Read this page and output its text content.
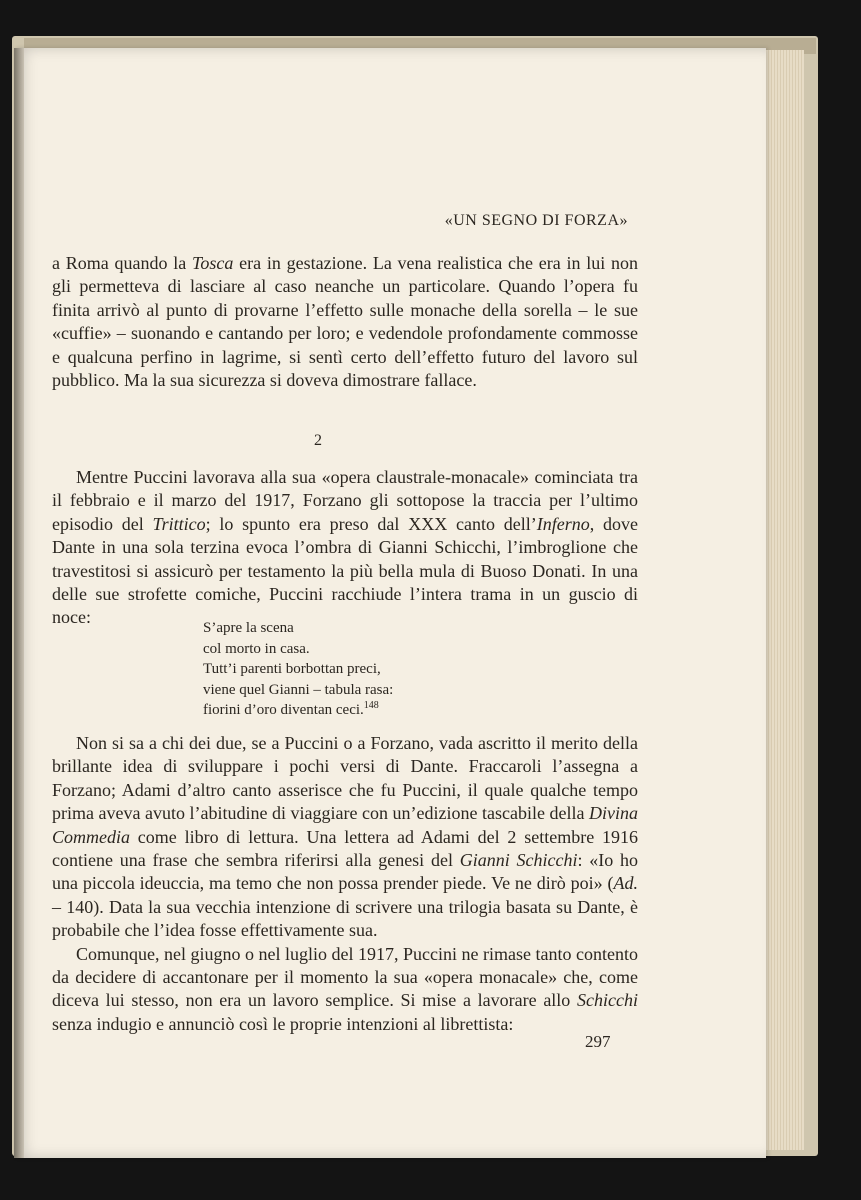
«UN SEGNO DI FORZA»

a Roma quando la Tosca era in gestazione. La vena realistica che era in lui non gli permetteva di lasciare al caso neanche un particolare. Quando l’opera fu finita arrivò al punto di provarne l’effetto sulle monache della sorella – le sue «cuffie» – suonando e cantando per loro; e vedendole profondamente commosse e qualcuna perfino in lagrime, si sentì certo dell’effetto futuro del lavoro sul pubblico. Ma la sua sicurezza si doveva dimostrare fallace.

2

Mentre Puccini lavorava alla sua «opera claustrale-monacale» cominciata tra il febbraio e il marzo del 1917, Forzano gli sottopose la traccia per l’ultimo episodio del Trittico; lo spunto era preso dal XXX canto dell’Inferno, dove Dante in una sola terzina evoca l’ombra di Gianni Schicchi, l’imbroglione che travestitosi si assicurò per testamento la più bella mula di Buoso Donati. In una delle sue strofette comiche, Puccini racchiude l’intera trama in un guscio di noce:

S’apre la scena
col morto in casa.
Tutt’i parenti borbottan preci,
viene quel Gianni – tabula rasa:
fiorini d’oro diventan ceci.$^{148}$

Non si sa a chi dei due, se a Puccini o a Forzano, vada ascritto il merito della brillante idea di sviluppare i pochi versi di Dante. Fraccaroli l’assegna a Forzano; Adami d’altro canto asserisce che fu Puccini, il quale qualche tempo prima aveva avuto l’abitudine di viaggiare con un’edizione tascabile della Divina Commedia come libro di lettura. Una lettera ad Adami del 2 settembre 1916 contiene una frase che sembra riferirsi alla genesi del Gianni Schicchi: «Io ho una piccola ideuccia, ma temo che non possa prender piede. Ve ne dirò poi» (Ad. – 140). Data la sua vecchia intenzione di scrivere una trilogia basata su Dante, è probabile che l’idea fosse effettivamente sua.

Comunque, nel giugno o nel luglio del 1917, Puccini ne rimase tanto contento da decidere di accantonare per il momento la sua «opera monacale» che, come diceva lui stesso, non era un lavoro semplice. Si mise a lavorare allo Schicchi senza indugio e annunciò così le proprie intenzioni al librettista:

297
